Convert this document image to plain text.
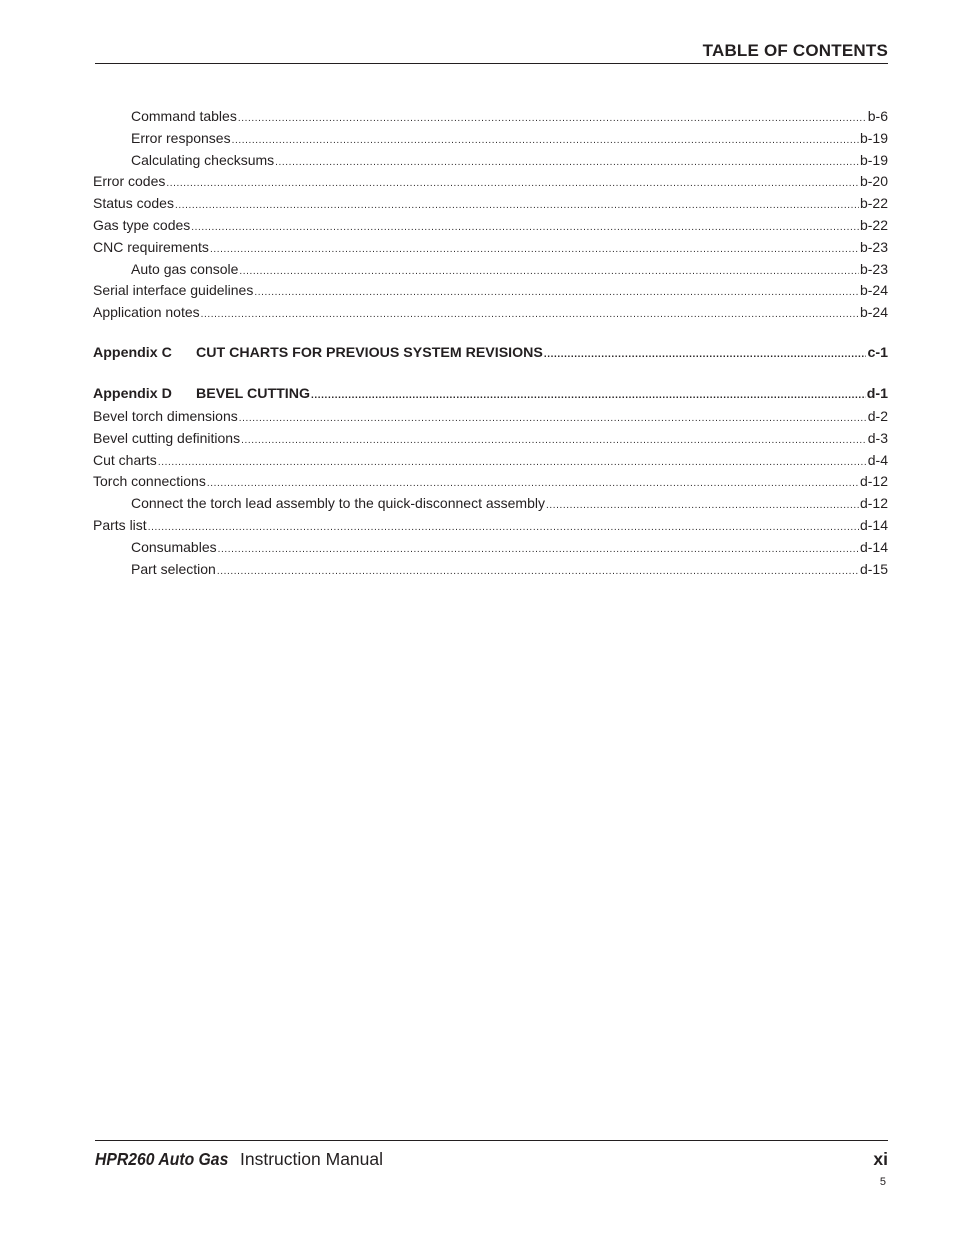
TABLE OF CONTENTS
Command tables .....	b-6
Error responses .....	b-19
Calculating checksums .....	b-19
Error codes .....	b-20
Status codes .....	b-22
Gas type codes .....	b-22
CNC requirements .....	b-23
Auto gas console .....	b-23
Serial interface guidelines .....	b-24
Application notes .....	b-24
Appendix C CUT CHARTS FOR PREVIOUS SYSTEM REVISIONS .....	c-1
Appendix D BEVEL CUTTING .....	d-1
Bevel torch dimensions .....	d-2
Bevel cutting definitions .....	d-3
Cut charts .....	d-4
Torch connections .....	d-12
Connect the torch lead assembly to the quick-disconnect assembly .....	d-12
Parts list .....	d-14
Consumables .....	d-14
Part selection .....	d-15
HPR260 Auto Gas Instruction Manual	xi
5
